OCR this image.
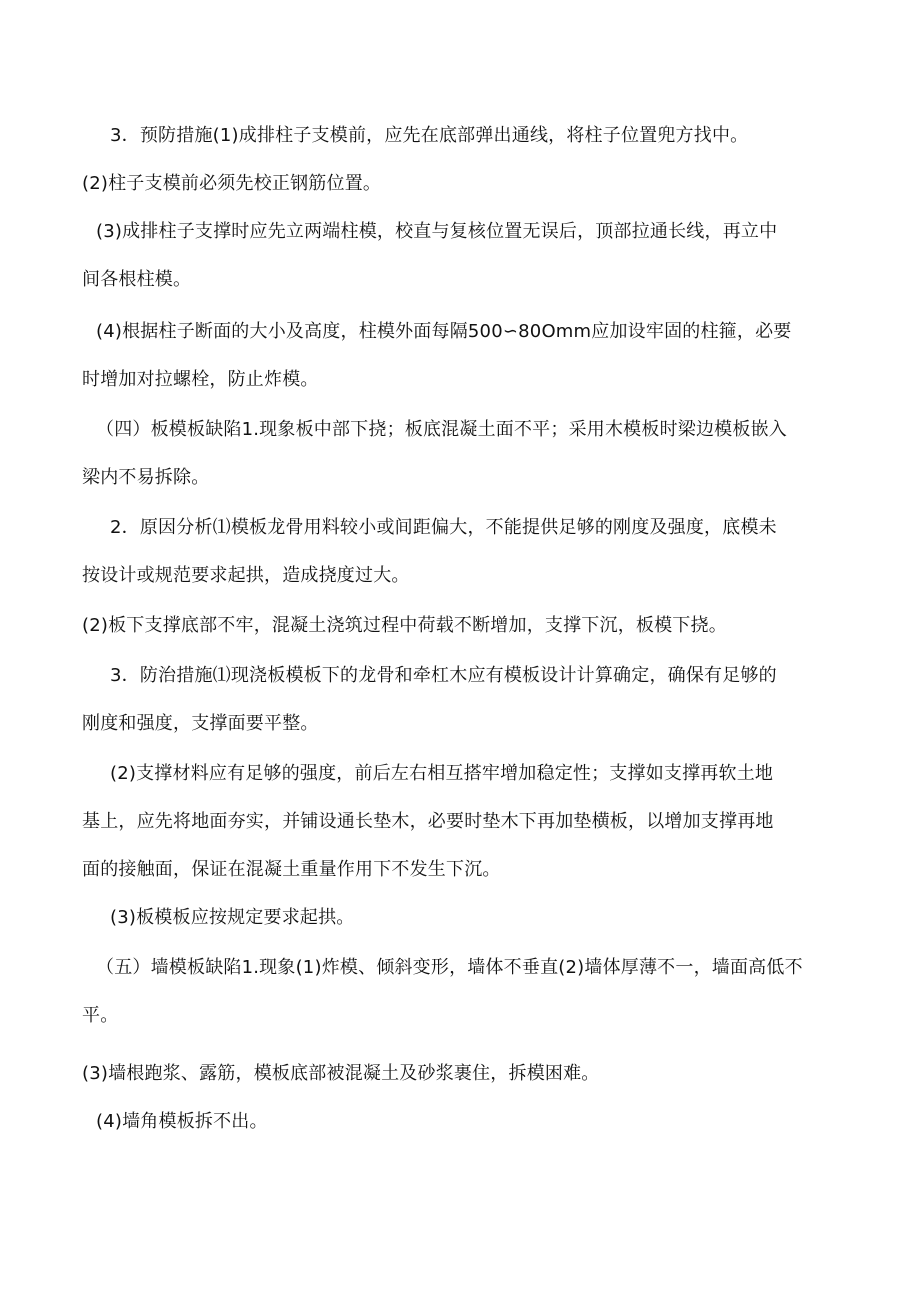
3．预防措施(1)成排柱子支模前，应先在底部弹出通线，将柱子位置兜方找中。
(2)柱子支模前必须先校正钢筋位置。
(3)成排柱子支撑时应先立两端柱模，校直与复核位置无误后，顶部拉通长线，再立中
间各根柱模。
(4)根据柱子断面的大小及高度，柱模外面每隔500∽80Omm应加设牢固的柱箍，必要
时增加对拉螺栓，防止炸模。
（四）板模板缺陷1.现象板中部下挠；板底混凝土面不平；采用木模板时梁边模板嵌入
梁内不易拆除。
2．原因分析⑴模板龙骨用料较小或间距偏大，不能提供足够的刚度及强度，底模未
按设计或规范要求起拱，造成挠度过大。
(2)板下支撑底部不牢，混凝土浇筑过程中荷载不断增加，支撑下沉，板模下挠。
3．防治措施⑴现浇板模板下的龙骨和牵杠木应有模板设计计算确定，确保有足够的
刚度和强度，支撑面要平整。
(2)支撑材料应有足够的强度，前后左右相互搭牢增加稳定性；支撑如支撑再软土地
基上，应先将地面夯实，并铺设通长垫木，必要时垫木下再加垫横板，以增加支撑再地
面的接触面，保证在混凝土重量作用下不发生下沉。
(3)板模板应按规定要求起拱。
（五）墙模板缺陷1.现象(1)炸模、倾斜变形，墙体不垂直(2)墙体厚薄不一，墙面高低不
平。
(3)墙根跑浆、露筋，模板底部被混凝土及砂浆裹住，拆模困难。
(4)墙角模板拆不出。
